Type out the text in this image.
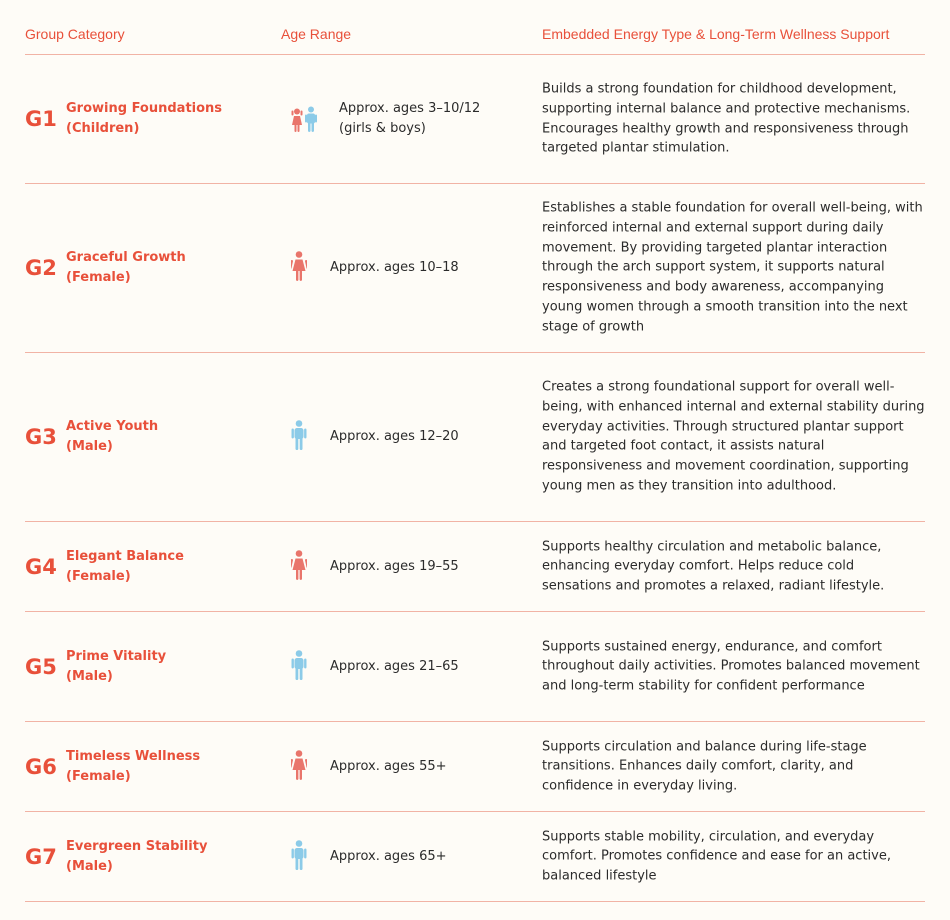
Group Category	Age Range	Embedded Energy Type & Long-Term Wellness Support
G1 Growing Foundations
(Children)
Approx. ages 3–10/12
(girls & boys)
Builds a strong foundation for childhood development, supporting internal balance and protective mechanisms. Encourages healthy growth and responsiveness through targeted plantar stimulation.
G2 Graceful Growth
(Female)
Approx. ages 10–18
Establishes a stable foundation for overall well-being, with reinforced internal and external support during daily movement. By providing targeted plantar interaction through the arch support system, it supports natural responsiveness and body awareness, accompanying young women through a smooth transition into the next stage of growth
G3 Active Youth
(Male)
Approx. ages 12–20
Creates a strong foundational support for overall well-being, with enhanced internal and external stability during everyday activities. Through structured plantar support and targeted foot contact, it assists natural responsiveness and movement coordination, supporting young men as they transition into adulthood.
G4 Elegant Balance
(Female)
Approx. ages 19–55
Supports healthy circulation and metabolic balance, enhancing everyday comfort. Helps reduce cold sensations and promotes a relaxed, radiant lifestyle.
G5 Prime Vitality
(Male)
Approx. ages 21–65
Supports sustained energy, endurance, and comfort throughout daily activities. Promotes balanced movement and long-term stability for confident performance
G6 Timeless Wellness
(Female)
Approx. ages 55+
Supports circulation and balance during life-stage transitions. Enhances daily comfort, clarity, and confidence in everyday living.
G7 Evergreen Stability
(Male)
Approx. ages 65+
Supports stable mobility, circulation, and everyday comfort. Promotes confidence and ease for an active, balanced lifestyle
